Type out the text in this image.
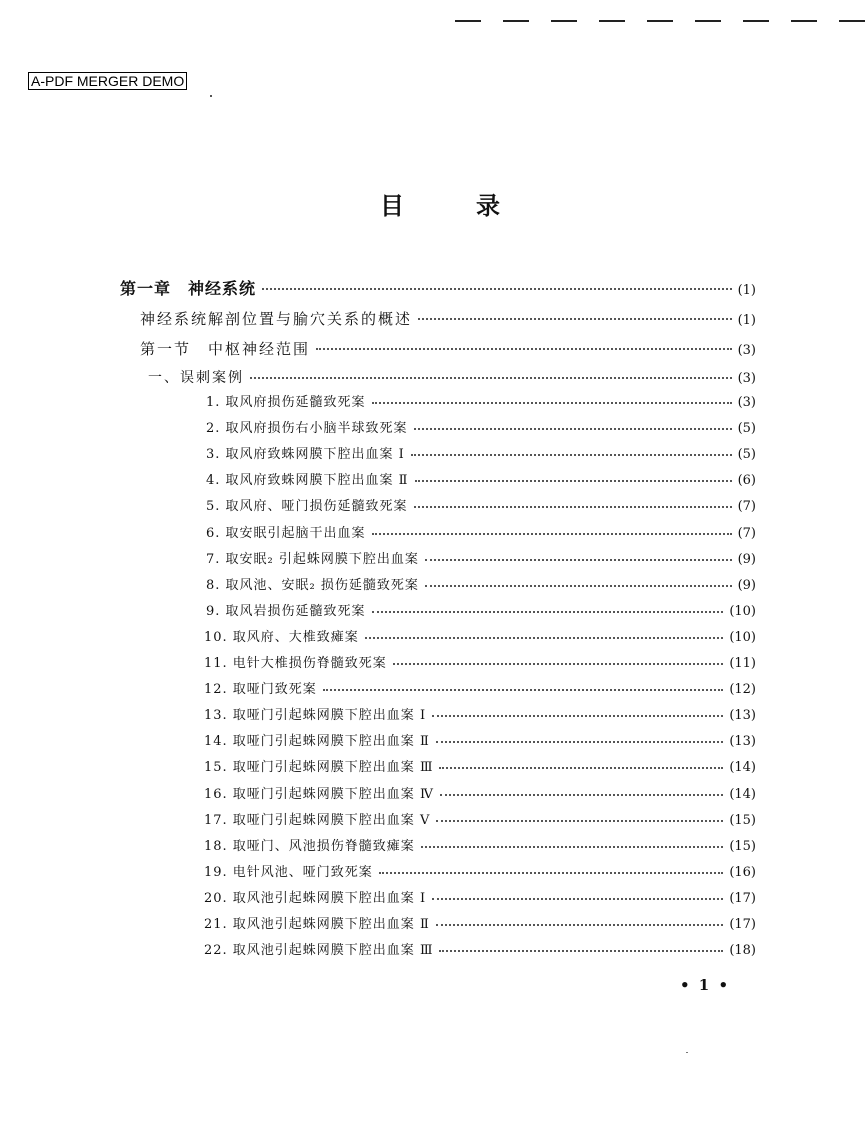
A-PDF MERGER DEMO
目	录
第一章　神经系统	(1)
神经系统解剖位置与腧穴关系的概述	(1)
第一节　中枢神经范围	(3)
一、误刺案例	(3)
1. 取风府损伤延髓致死案	(3)
2. 取风府损伤右小脑半球致死案	(5)
3. 取风府致蛛网膜下腔出血案 Ⅰ	(5)
4. 取风府致蛛网膜下腔出血案 Ⅱ	(6)
5. 取风府、哑门损伤延髓致死案	(7)
6. 取安眠引起脑干出血案	(7)
7. 取安眠₂ 引起蛛网膜下腔出血案	(9)
8. 取风池、安眠₂ 损伤延髓致死案	(9)
9. 取风岩损伤延髓致死案	(10)
10. 取风府、大椎致瘫案	(10)
11. 电针大椎损伤脊髓致死案	(11)
12. 取哑门致死案	(12)
13. 取哑门引起蛛网膜下腔出血案 Ⅰ	(13)
14. 取哑门引起蛛网膜下腔出血案 Ⅱ	(13)
15. 取哑门引起蛛网膜下腔出血案 Ⅲ	(14)
16. 取哑门引起蛛网膜下腔出血案 Ⅳ	(14)
17. 取哑门引起蛛网膜下腔出血案 Ⅴ	(15)
18. 取哑门、风池损伤脊髓致瘫案	(15)
19. 电针风池、哑门致死案	(16)
20. 取风池引起蛛网膜下腔出血案 Ⅰ	(17)
21. 取风池引起蛛网膜下腔出血案 Ⅱ	(17)
22. 取风池引起蛛网膜下腔出血案 Ⅲ	(18)
• 1 •
